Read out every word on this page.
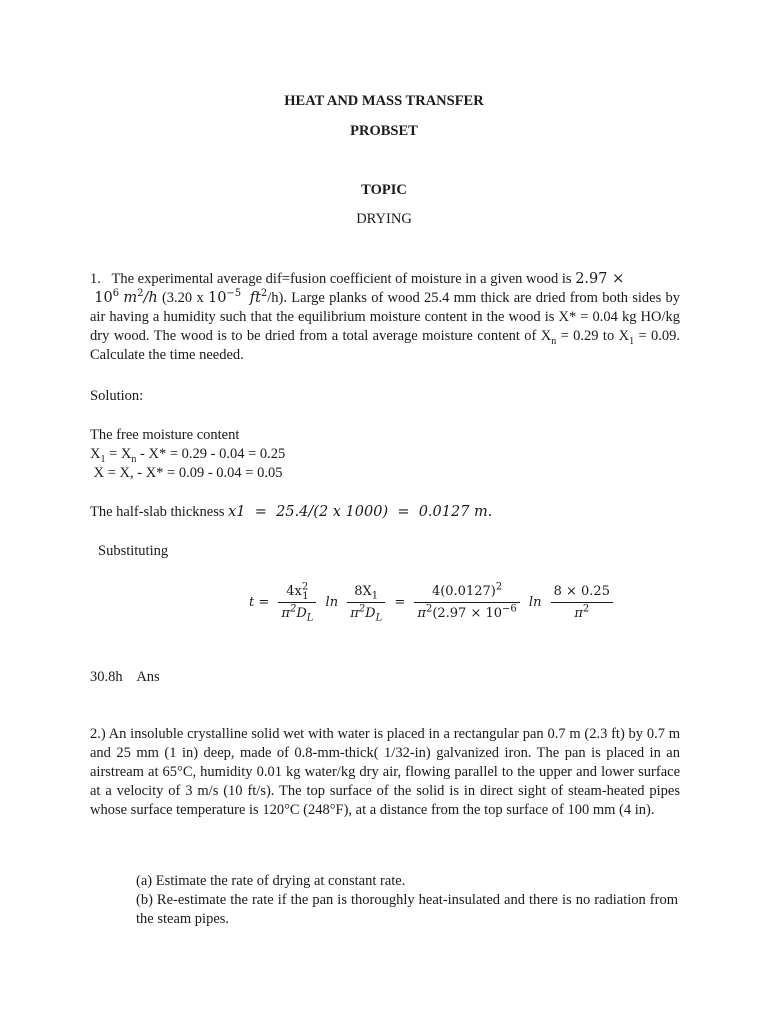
HEAT AND MASS TRANSFER
PROBSET
TOPIC
DRYING
1. The experimental average dif=fusion coefficient of moisture in a given wood is 2.97 ×
$10^6$ $m^2/h$ (3.20 x $10^{-5}$ $ft^2/h$). Large planks of wood 25.4 mm thick are dried from both sides by air having a humidity such that the equilibrium moisture content in the wood is X* = 0.04 kg HO/kg dry wood. The wood is to be dried from a total average moisture content of $X_n = 0.29$ to $X_1 = 0.09$. Calculate the time needed.
Solution:
The free moisture content
$X_1 = X_n - X* = 0.29 - 0.04 = 0.25$
X = X, - X* = 0.09 - 0.04 = 0.05
The half-slab thickness x1  =  25.4/(2 x 1000)  =  0.0127 m.
Substituting
$t = \frac{4x^2_1}{\pi^2D_L}$ $\ln \frac{8X_1}{\pi^2D_L} = \frac{4(0.0127)^2}{\pi^2(2.97 \times 10^{-6}}$ $\ln \frac{8 \times 0.25}{\pi^2}$
30.8h    Ans
2.) An insoluble crystalline solid wet with water is placed in a rectangular pan 0.7 m (2.3 ft) by 0.7 m and 25 mm (1 in) deep, made of 0.8-mm-thick( 1/32-in) galvanized iron. The pan is placed in an airstream at 65°C, humidity 0.01 kg water/kg dry air, flowing parallel to the upper and lower surface at a velocity of 3 m/s (10 ft/s). The top surface of the solid is in direct sight of steam-heated pipes whose surface temperature is 120°C (248°F), at a distance from the top surface of 100 mm (4 in).
(a) Estimate the rate of drying at constant rate.
(b) Re-estimate the rate if the pan is thoroughly heat-insulated and there is no radiation from the steam pipes.
